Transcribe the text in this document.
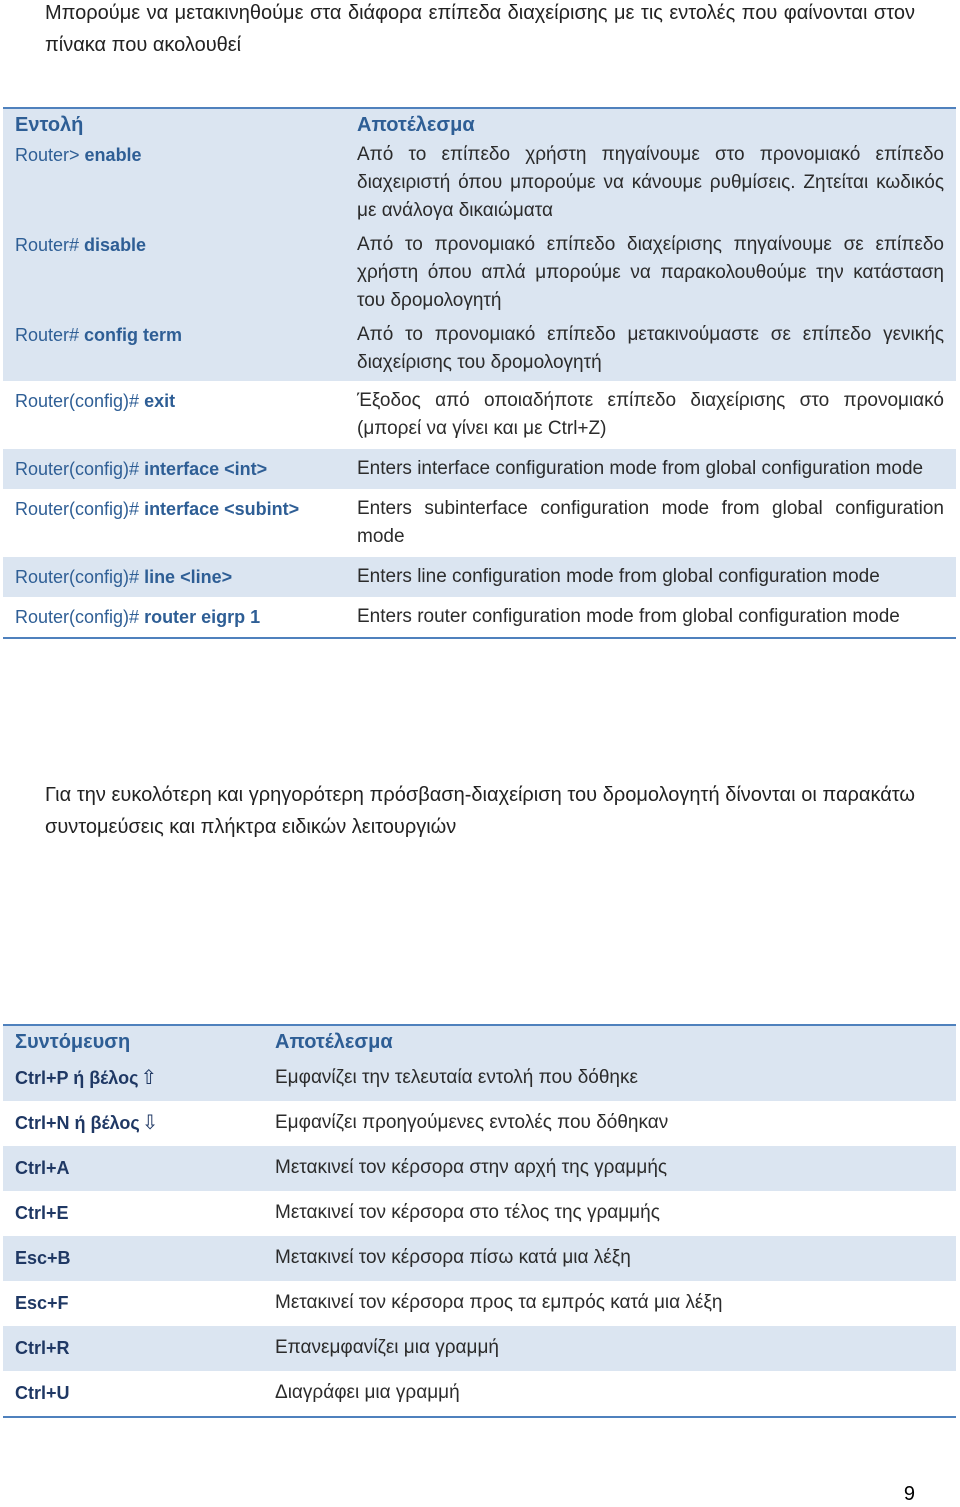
Μπορούμε να μετακινηθούμε στα διάφορα επίπεδα διαχείρισης με τις εντολές που φαίνονται στον πίνακα που ακολουθεί
Εντολή	Αποτέλεσμα
Router> enable	Από το επίπεδο χρήστη πηγαίνουμε στο προνομιακό επίπεδο διαχειριστή όπου μπορούμε να κάνουμε ρυθμίσεις. Ζητείται κωδικός με ανάλογα δικαιώματα
Router# disable	Από το προνομιακό επίπεδο διαχείρισης πηγαίνουμε σε επίπεδο χρήστη όπου απλά μπορούμε να παρακολουθούμε την κατάσταση του δρομολογητή
Router# config term	Από το προνομιακό επίπεδο μετακινούμαστε σε επίπεδο γενικής διαχείρισης του δρομολογητή
Router(config)# exit	Έξοδος από οποιαδήποτε επίπεδο διαχείρισης στο προνομιακό (μπορεί να γίνει και με Ctrl+Z)
Router(config)# interface <int>	Enters interface configuration mode from global configuration mode
Router(config)# interface <subint>	Enters subinterface configuration mode from global configuration mode
Router(config)# line <line>	Enters line configuration mode from global configuration mode
Router(config)# router eigrp 1	Enters router configuration mode from global configuration mode
Για την ευκολότερη και γρηγορότερη πρόσβαση-διαχείριση του δρομολογητή δίνονται οι παρακάτω συντομεύσεις και πλήκτρα ειδικών λειτουργιών
Συντόμευση	Αποτέλεσμα
Ctrl+P ή βέλος ⇧	Εμφανίζει την τελευταία εντολή που δόθηκε
Ctrl+N ή βέλος ⇩	Εμφανίζει προηγούμενες εντολές που δόθηκαν
Ctrl+A	Μετακινεί τον κέρσορα στην αρχή της γραμμής
Ctrl+E	Μετακινεί τον κέρσορα στο τέλος της γραμμής
Esc+B	Μετακινεί τον κέρσορα πίσω κατά μια λέξη
Esc+F	Μετακινεί τον κέρσορα προς τα εμπρός κατά μια λέξη
Ctrl+R	Επανεμφανίζει μια γραμμή
Ctrl+U	Διαγράφει μια γραμμή
9
